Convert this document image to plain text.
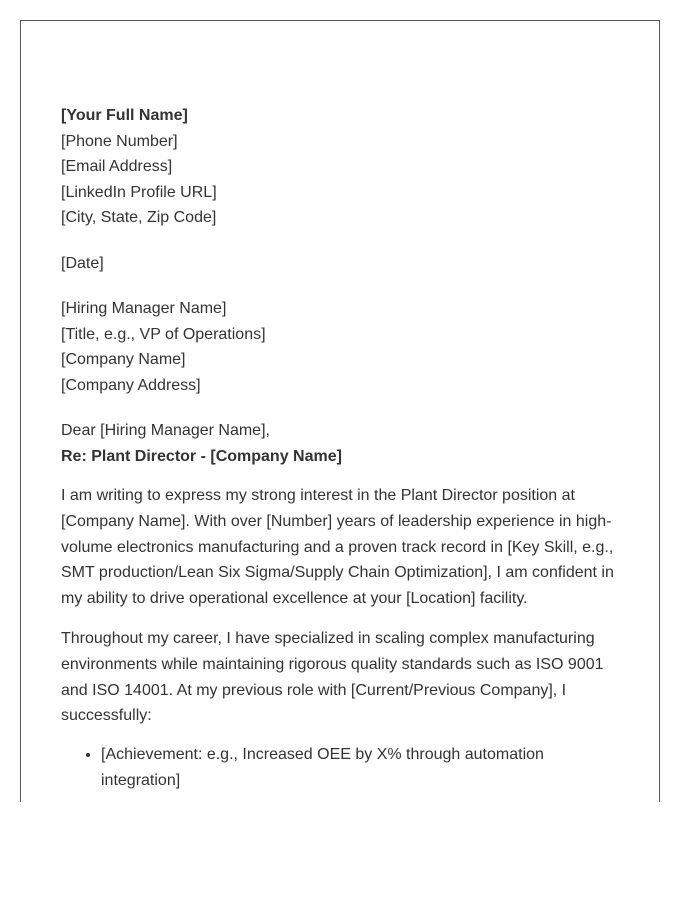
[Your Full Name]
[Phone Number]
[Email Address]
[LinkedIn Profile URL]
[City, State, Zip Code]
[Date]
[Hiring Manager Name]
[Title, e.g., VP of Operations]
[Company Name]
[Company Address]
Dear [Hiring Manager Name],
Re: Plant Director - [Company Name]

I am writing to express my strong interest in the Plant Director position at [Company Name]. With over [Number] years of leadership experience in high-volume electronics manufacturing and a proven track record in [Key Skill, e.g., SMT production/Lean Six Sigma/Supply Chain Optimization], I am confident in my ability to drive operational excellence at your [Location] facility.

Throughout my career, I have specialized in scaling complex manufacturing environments while maintaining rigorous quality standards such as ISO 9001 and ISO 14001. At my previous role with [Current/Previous Company], I successfully:

• [Achievement: e.g., Increased OEE by X% through automation integration]
